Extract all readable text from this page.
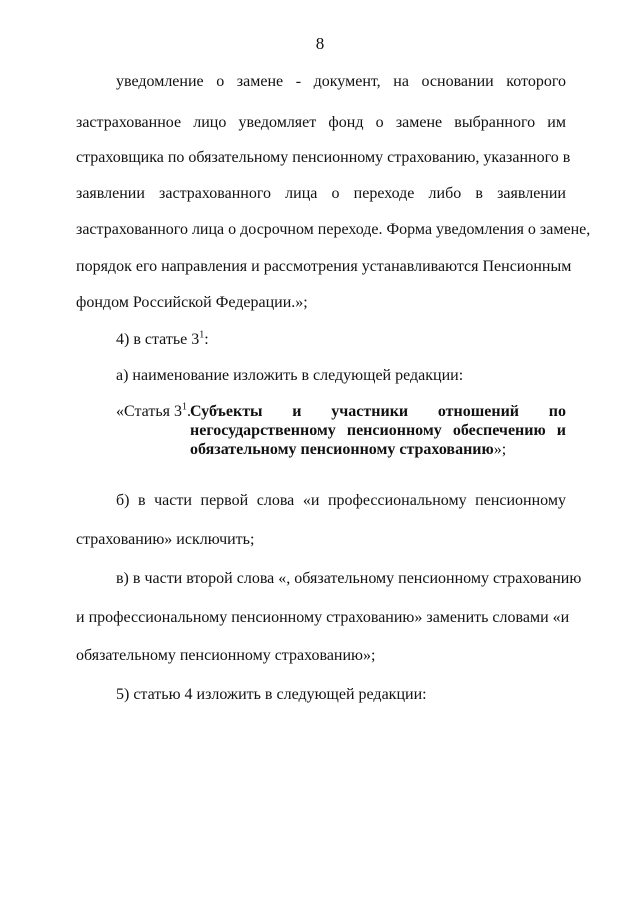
8
уведомление о замене - документ, на основании которого
застрахованное лицо уведомляет фонд о замене выбранного им
страховщика по обязательному пенсионному страхованию, указанного в
заявлении застрахованного лица о переходе либо в заявлении
застрахованного лица о досрочном переходе. Форма уведомления о замене,
порядок его направления и рассмотрения устанавливаются Пенсионным
фондом Российской Федерации.»;
4) в статье $3^1$:
а) наименование изложить в следующей редакции:
«Статья $3^1$. Субъекты и участники отношений по
негосударственному пенсионному обеспечению и
обязательному пенсионному страхованию»;
б) в части первой слова «и профессиональному пенсионному
страхованию» исключить;
в) в части второй слова «, обязательному пенсионному страхованию
и профессиональному пенсионному страхованию» заменить словами «и
обязательному пенсионному страхованию»;
5) статью 4 изложить в следующей редакции:
